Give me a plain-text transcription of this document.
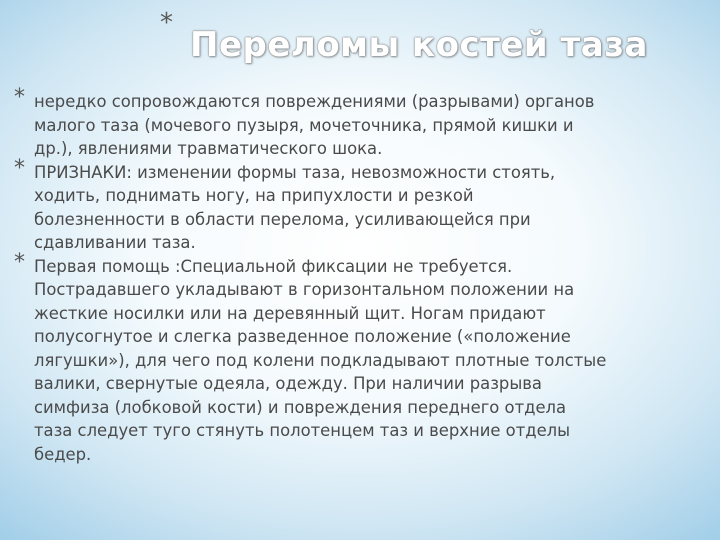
*
Переломы костей таза
* нередко сопровождаются повреждениями (разрывами) органов
малого таза (мочевого пузыря, мочеточника, прямой кишки и
др.), явлениями травматического шока.
* ПРИЗНАКИ: изменении формы таза, невозможности стоять,
ходить, поднимать ногу, на припухлости и резкой
болезненности в области перелома, усиливающейся при
сдавливании таза.
* Первая помощь :Специальной фиксации не требуется.
Пострадавшего укладывают в горизонтальном положении на
жесткие носилки или на деревянный щит. Ногам придают
полусогнутое и слегка разведенное положение («положение
лягушки»), для чего под колени подкладывают плотные толстые
валики, свернутые одеяла, одежду. При наличии разрыва
симфиза (лобковой кости) и повреждения переднего отдела
таза следует туго стянуть полотенцем таз и верхние отделы
бедер.
